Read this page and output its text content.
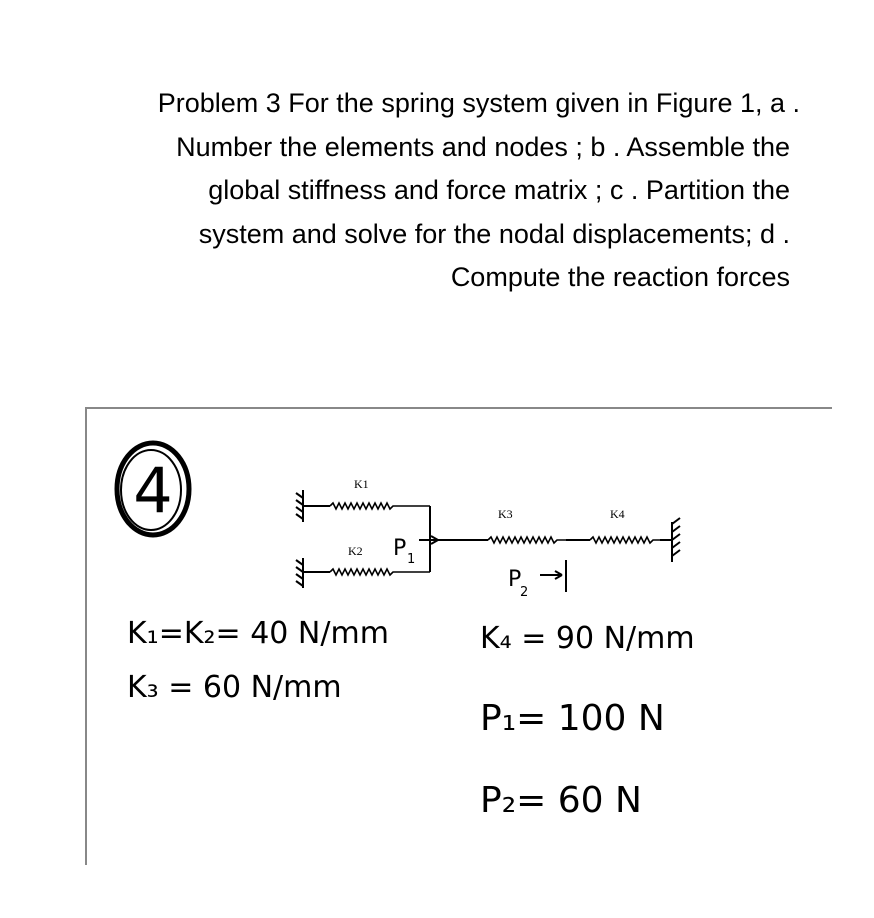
Problem 3 For the spring system given in Figure 1, a .
Number the elements and nodes ; b . Assemble the
global stiffness and force matrix ; c . Partition the
system and solve for the nodal displacements; d .
Compute the reaction forces
4	K1
K2 P 1
K3	K4
P
2
K₁=K₂= 40 N/mm
K₃ = 60 N/mm
K₄ = 90 N/mm
P₁= 100 N
P₂= 60 N
